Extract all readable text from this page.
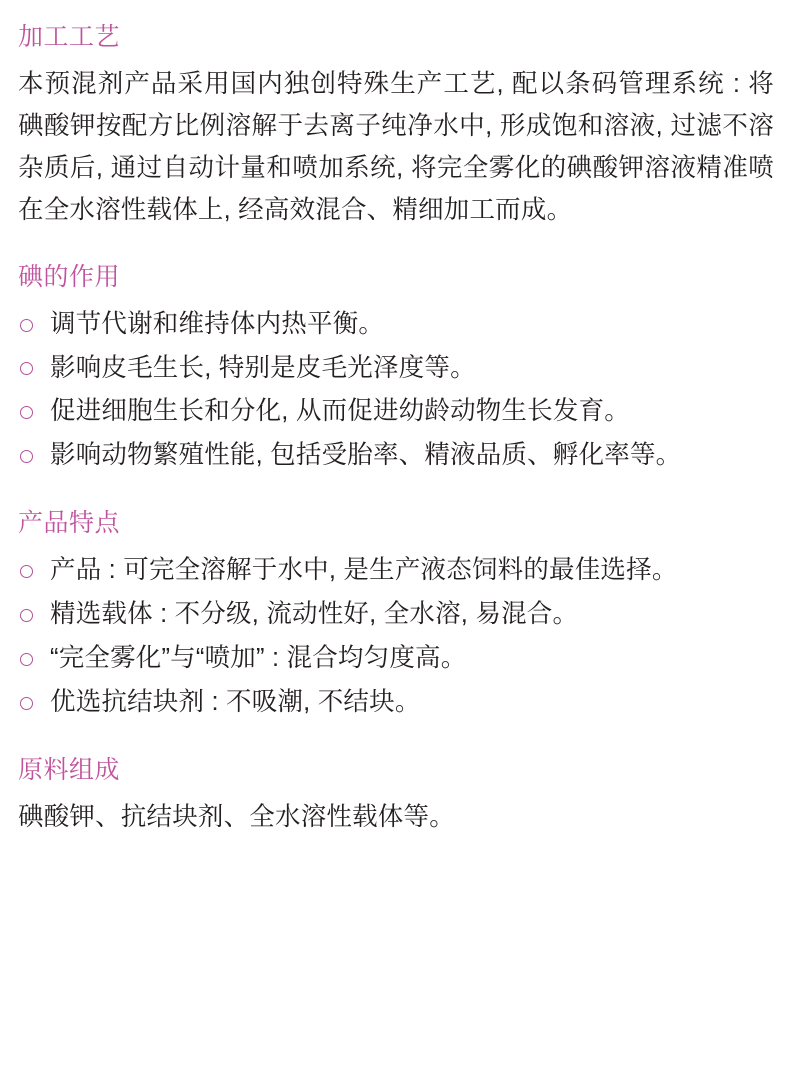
加工工艺

本预混剂产品采用国内独创特殊生产工艺, 配以条码管理系统 : 将碘酸钾按配方比例溶解于去离子纯净水中, 形成饱和溶液, 过滤不溶杂质后, 通过自动计量和喷加系统, 将完全雾化的碘酸钾溶液精准喷在全水溶性载体上, 经高效混合、精细加工而成。

碘的作用
调节代谢和维持体内热平衡。
影响皮毛生长, 特别是皮毛光泽度等。
促进细胞生长和分化, 从而促进幼龄动物生长发育。
影响动物繁殖性能, 包括受胎率、精液品质、孵化率等。
产品特点
产品 : 可完全溶解于水中, 是生产液态饲料的最佳选择。
精选载体 : 不分级, 流动性好, 全水溶, 易混合。
“完全雾化”与“喷加” : 混合均匀度高。
优选抗结块剂 : 不吸潮, 不结块。
原料组成

碘酸钾、抗结块剂、全水溶性载体等。
